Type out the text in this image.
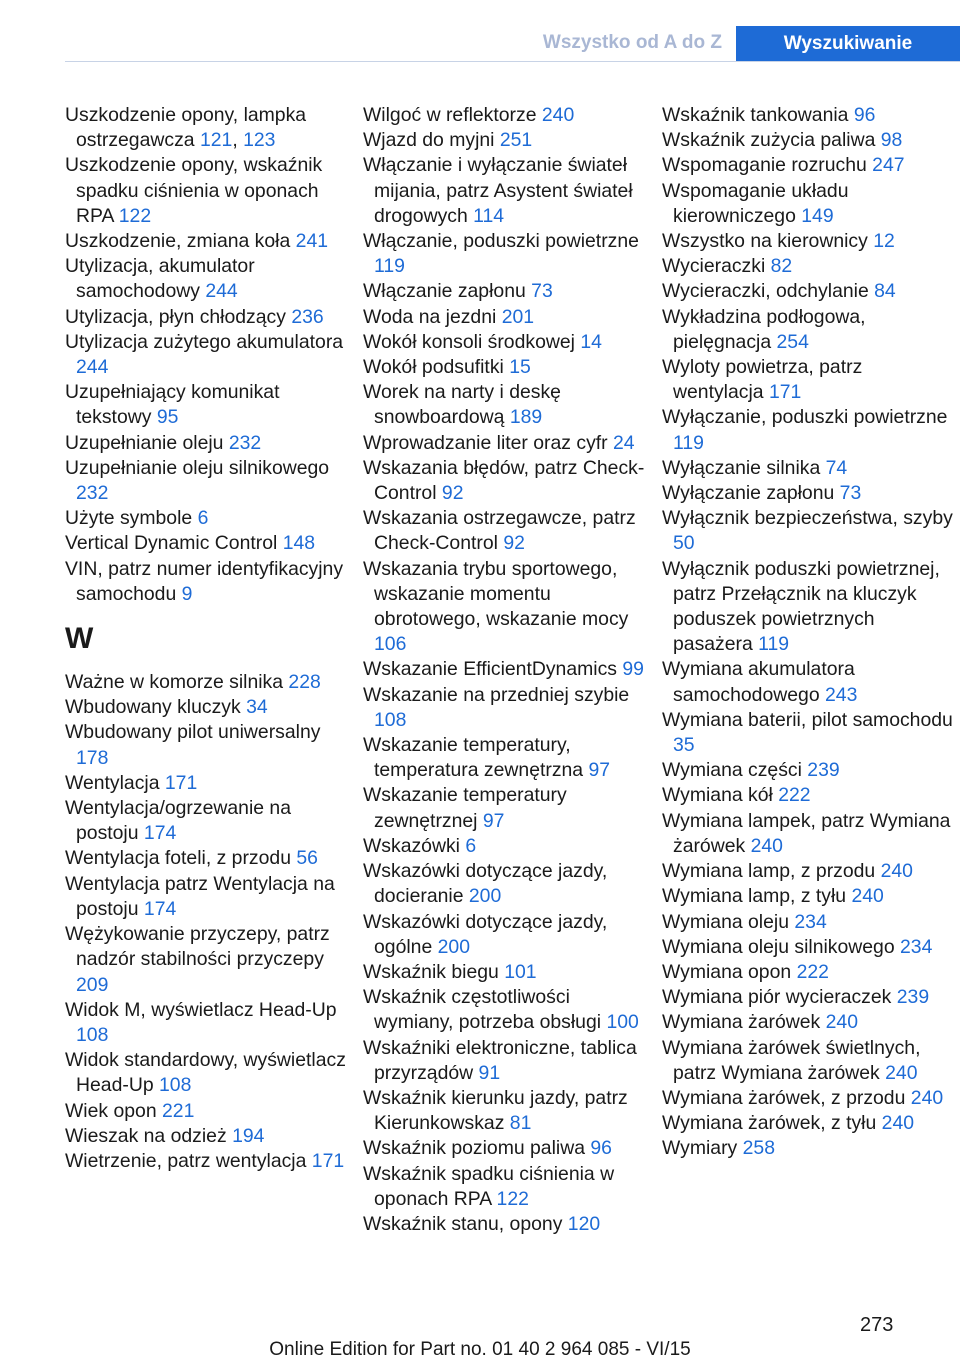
Wszystko od A do Z	Wyszukiwanie
Uszkodzenie opony, lampka ostrzegawcza 121, 123
Uszkodzenie opony, wskaźnik spadku ciśnienia w oponach RPA 122
Uszkodzenie, zmiana koła 241
Utylizacja, akumulator samochodowy 244
Utylizacja, płyn chłodzący 236
Utylizacja zużytego akumulatora 244
Uzupełniający komunikat tekstowy 95
Uzupełnianie oleju 232
Uzupełnianie oleju silnikowego 232
Użyte symbole 6
Vertical Dynamic Control 148
VIN, patrz numer identyfikacyjny samochodu 9
W
Ważne w komorze silnika 228
Wbudowany kluczyk 34
Wbudowany pilot uniwersalny 178
Wentylacja 171
Wentylacja/ogrzewanie na postoju 174
Wentylacja foteli, z przodu 56
Wentylacja patrz Wentylacja na postoju 174
Wężykowanie przyczepy, patrz nadzór stabilności przyczepy 209
Widok M, wyświetlacz Head-Up 108
Widok standardowy, wyświetlacz Head-Up 108
Wiek opon 221
Wieszak na odzież 194
Wietrzenie, patrz wentylacja 171
Wilgoć w reflektorze 240
Wjazd do myjni 251
Włączanie i wyłączanie świateł mijania, patrz Asystent świateł drogowych 114
Włączanie, poduszki powietrzne 119
Włączanie zapłonu 73
Woda na jezdni 201
Wokół konsoli środkowej 14
Wokół podsufitki 15
Worek na narty i deskę snowboardową 189
Wprowadzanie liter oraz cyfr 24
Wskazania błędów, patrz Check-Control 92
Wskazania ostrzegawcze, patrz Check-Control 92
Wskazania trybu sportowego, wskazanie momentu obrotowego, wskazanie mocy 106
Wskazanie EfficientDynamics 99
Wskazanie na przedniej szybie 108
Wskazanie temperatury, temperatura zewnętrzna 97
Wskazanie temperatury zewnętrznej 97
Wskazówki 6
Wskazówki dotyczące jazdy, docieranie 200
Wskazówki dotyczące jazdy, ogólne 200
Wskaźnik biegu 101
Wskaźnik częstotliwości wymiany, potrzeba obsługi 100
Wskaźniki elektroniczne, tablica przyrządów 91
Wskaźnik kierunku jazdy, patrz Kierunkowskaz 81
Wskaźnik poziomu paliwa 96
Wskaźnik spadku ciśnienia w oponach RPA 122
Wskaźnik stanu, opony 120
Wskaźnik tankowania 96
Wskaźnik zużycia paliwa 98
Wspomaganie rozruchu 247
Wspomaganie układu kierowniczego 149
Wszystko na kierownicy 12
Wycieraczki 82
Wycieraczki, odchylanie 84
Wykładzina podłogowa, pielęgnacja 254
Wyloty powietrza, patrz wentylacja 171
Wyłączanie, poduszki powietrzne 119
Wyłączanie silnika 74
Wyłączanie zapłonu 73
Wyłącznik bezpieczeństwa, szyby 50
Wyłącznik poduszki powietrznej, patrz Przełącznik na kluczyk poduszek powietrznych pasażera 119
Wymiana akumulatora samochodowego 243
Wymiana baterii, pilot samochodu 35
Wymiana części 239
Wymiana kół 222
Wymiana lampek, patrz Wymiana żarówek 240
Wymiana lamp, z przodu 240
Wymiana lamp, z tyłu 240
Wymiana oleju 234
Wymiana oleju silnikowego 234
Wymiana opon 222
Wymiana piór wycieraczek 239
Wymiana żarówek 240
Wymiana żarówek świetlnych, patrz Wymiana żarówek 240
Wymiana żarówek, z przodu 240
Wymiana żarówek, z tyłu 240
Wymiary 258
273
Online Edition for Part no. 01 40 2 964 085 - VI/15
